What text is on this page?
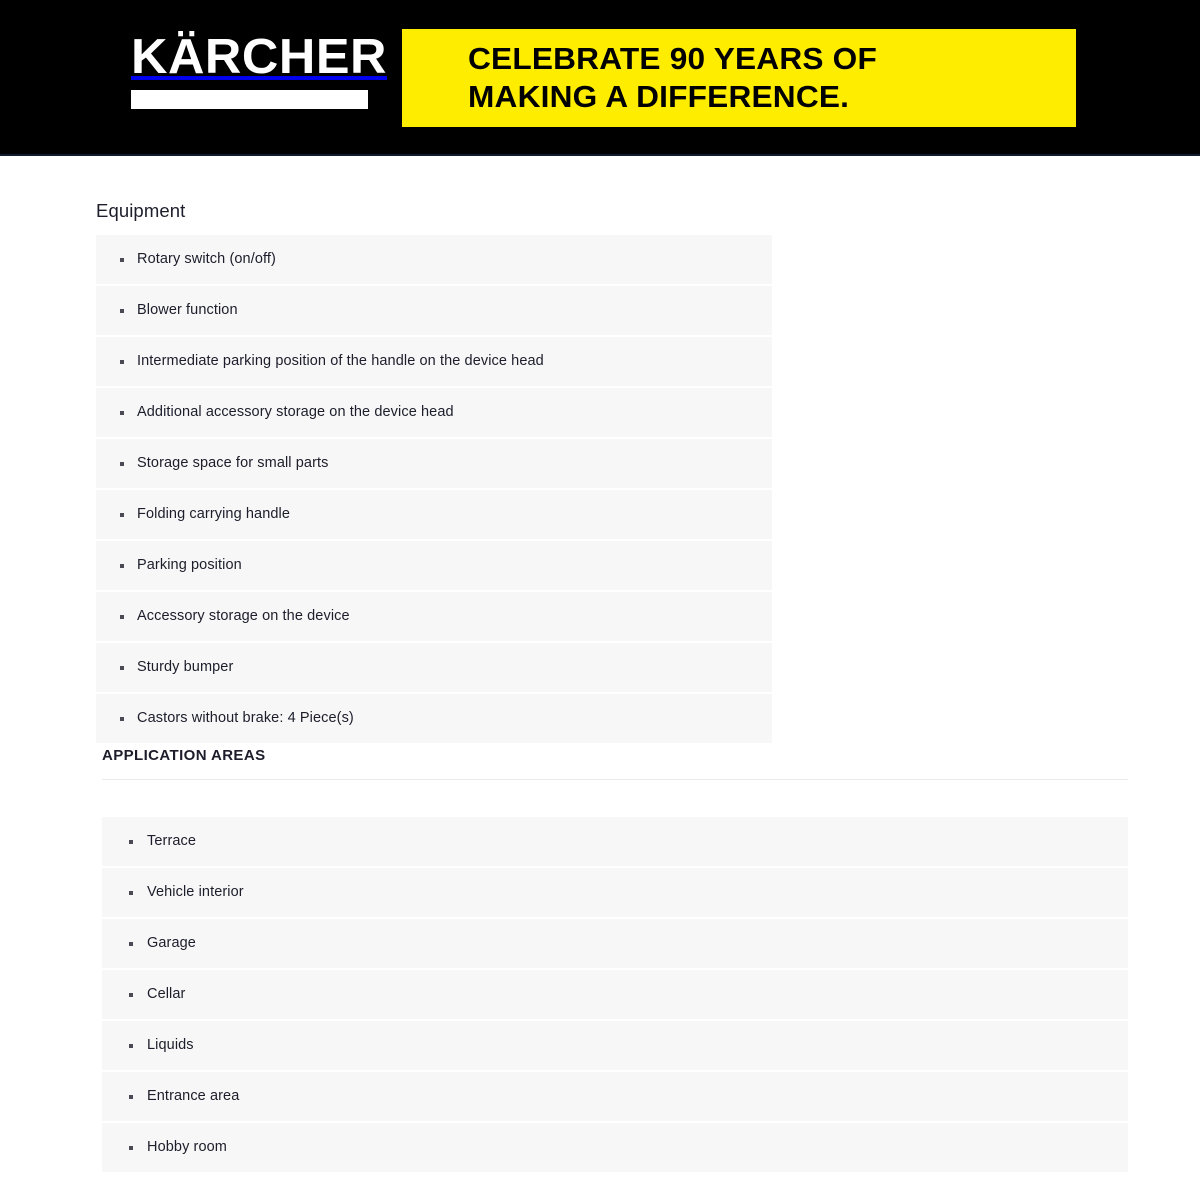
KÄRCHER	CELEBRATE 90 YEARS OF
MAKING A DIFFERENCE.
Equipment
Rotary switch (on/off)
Blower function
Intermediate parking position of the handle on the device head
Additional accessory storage on the device head
Storage space for small parts
Folding carrying handle
Parking position
Accessory storage on the device
Sturdy bumper
Castors without brake: 4 Piece(s)
APPLICATION AREAS
Terrace
Vehicle interior
Garage
Cellar
Liquids
Entrance area
Hobby room
